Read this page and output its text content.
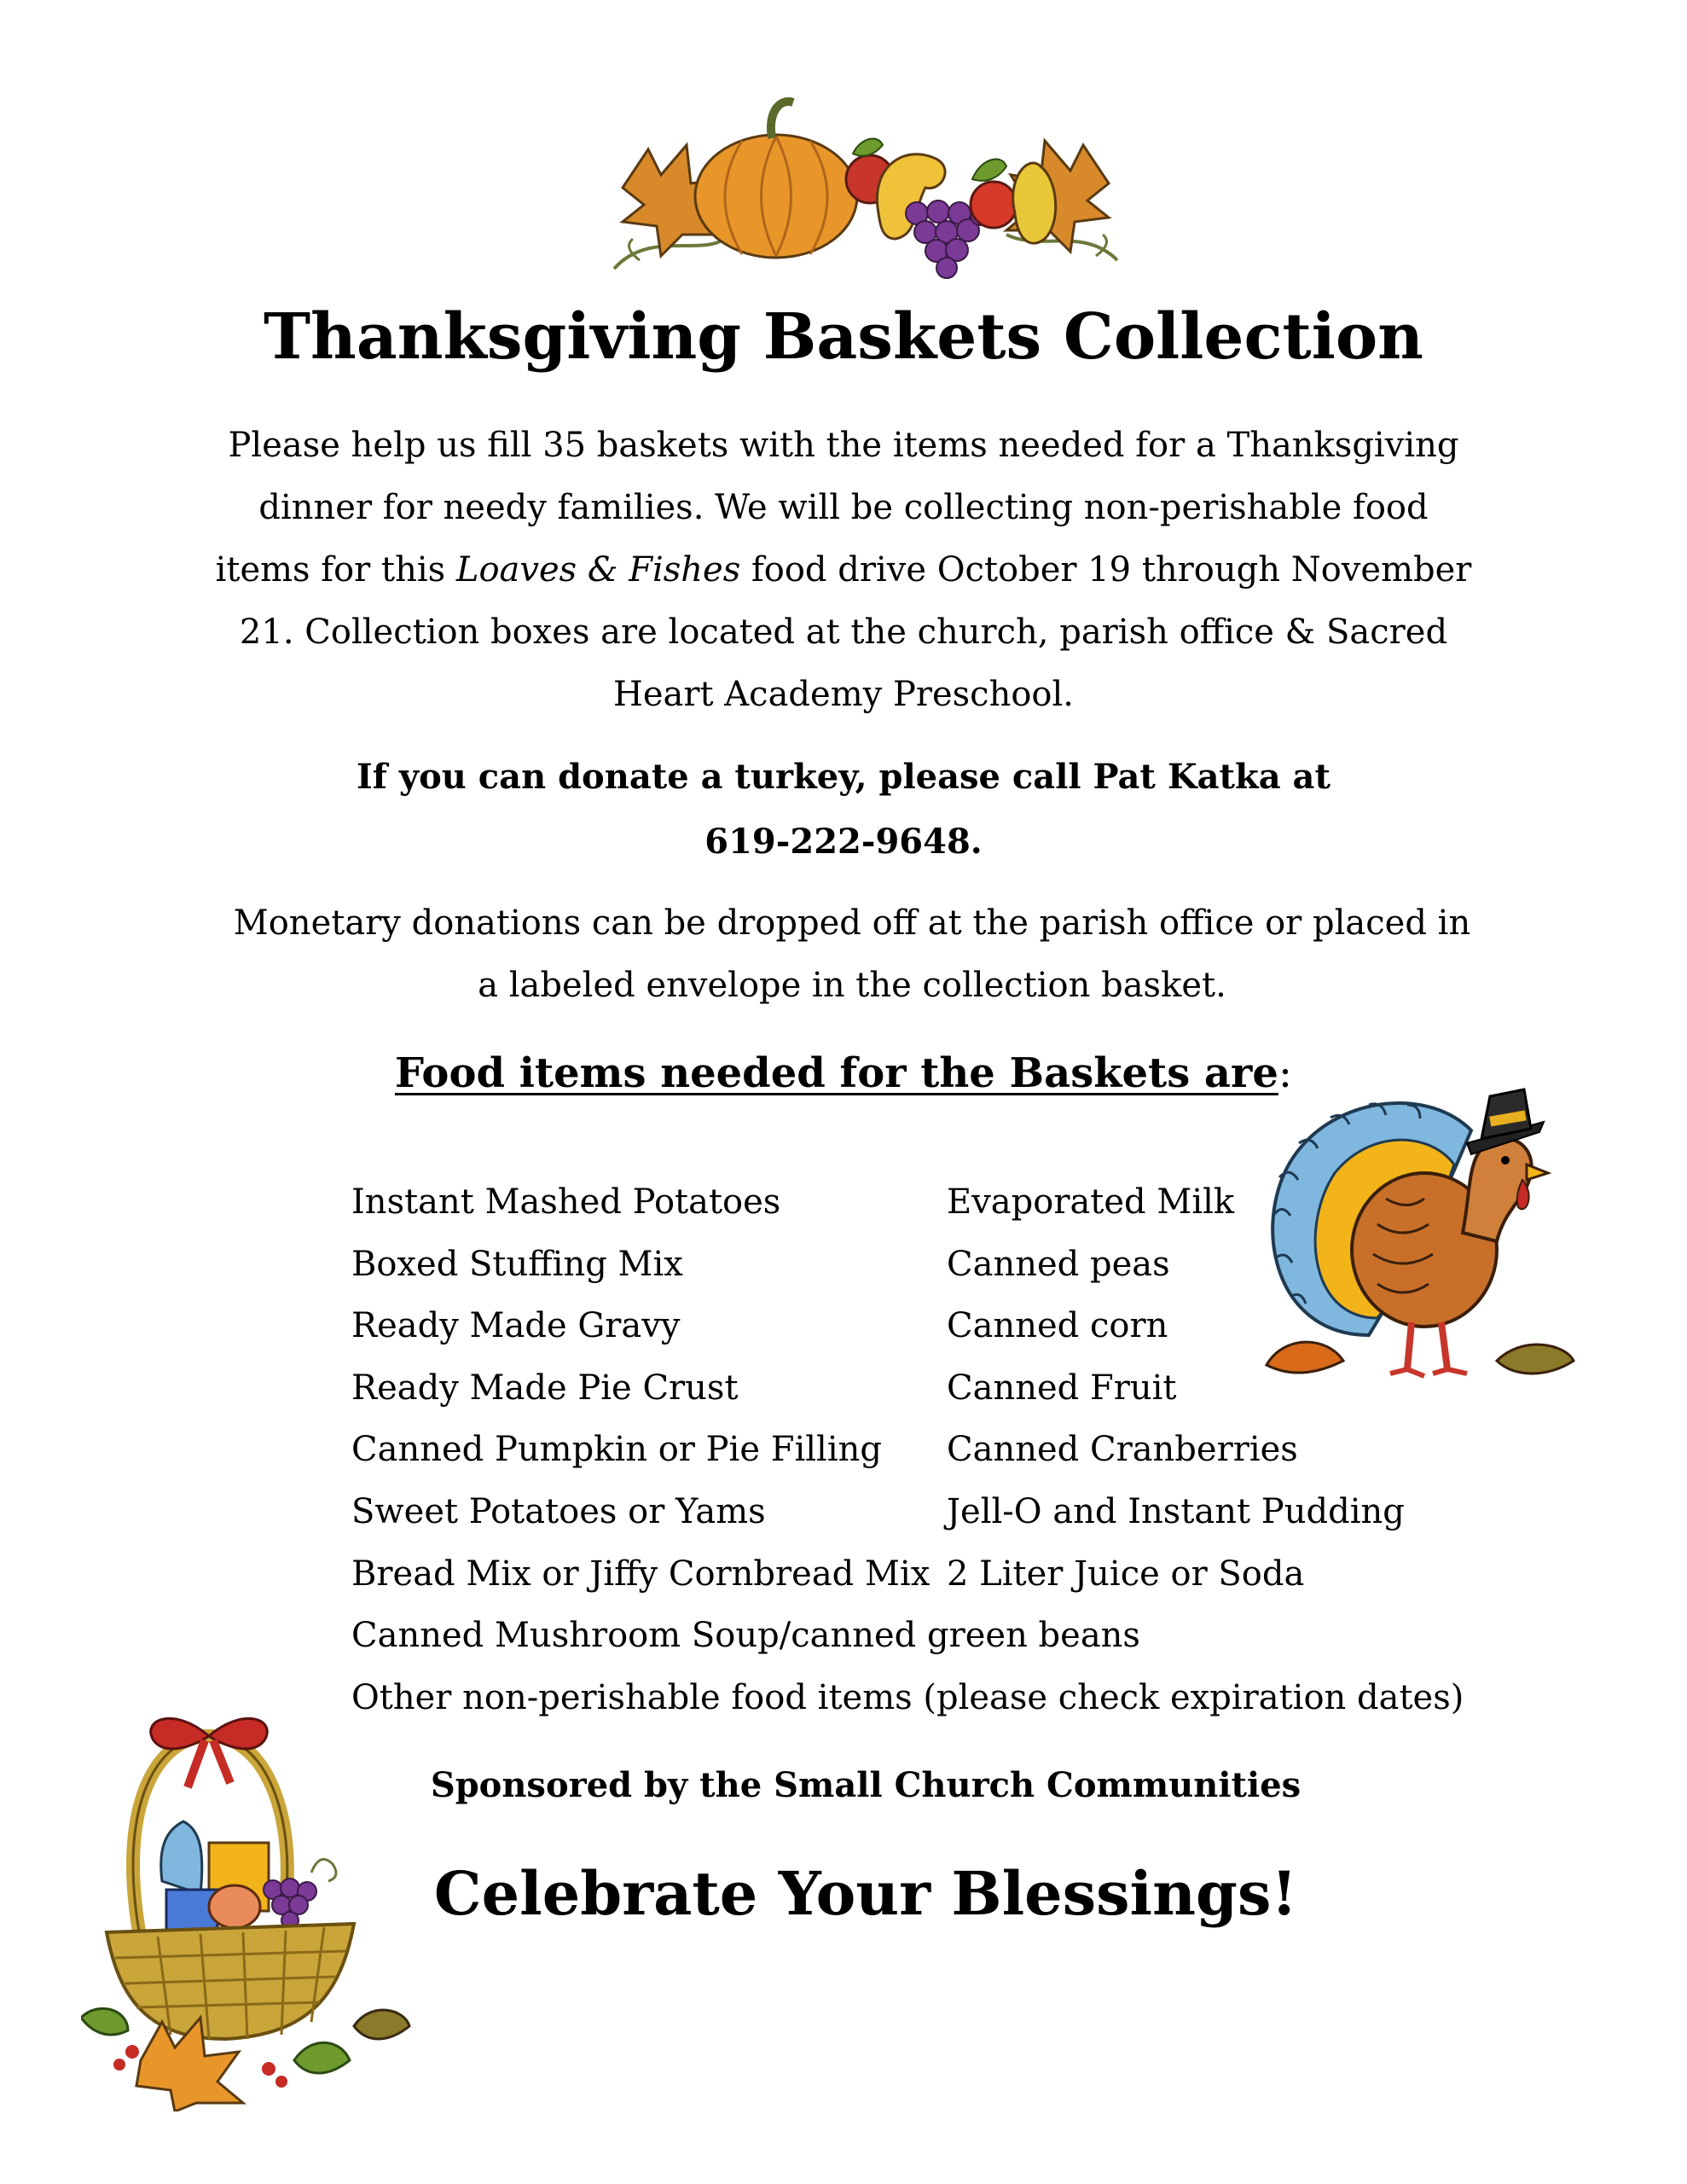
Thanksgiving Baskets Collection
Please help us fill 35 baskets with the items needed for a Thanksgiving dinner for needy families. We will be collecting non-perishable food items for this Loaves & Fishes food drive October 19 through November 21. Collection boxes are located at the church, parish office & Sacred Heart Academy Preschool.
If you can donate a turkey, please call Pat Katka at
619-222-9648.
Monetary donations can be dropped off at the parish office or placed in a labeled envelope in the collection basket.
Food items needed for the Baskets are:
Instant Mashed Potatoes
Boxed Stuffing Mix
Ready Made Gravy
Ready Made Pie Crust
Canned Pumpkin or Pie Filling
Sweet Potatoes or Yams
Bread Mix or Jiffy Cornbread Mix
Evaporated Milk
Canned peas
Canned corn
Canned Fruit
Canned Cranberries
Jell-O and Instant Pudding
2 Liter Juice or Soda
Canned Mushroom Soup/canned green beans
Other non-perishable food items (please check expiration dates)
Sponsored by the Small Church Communities
Celebrate Your Blessings!
